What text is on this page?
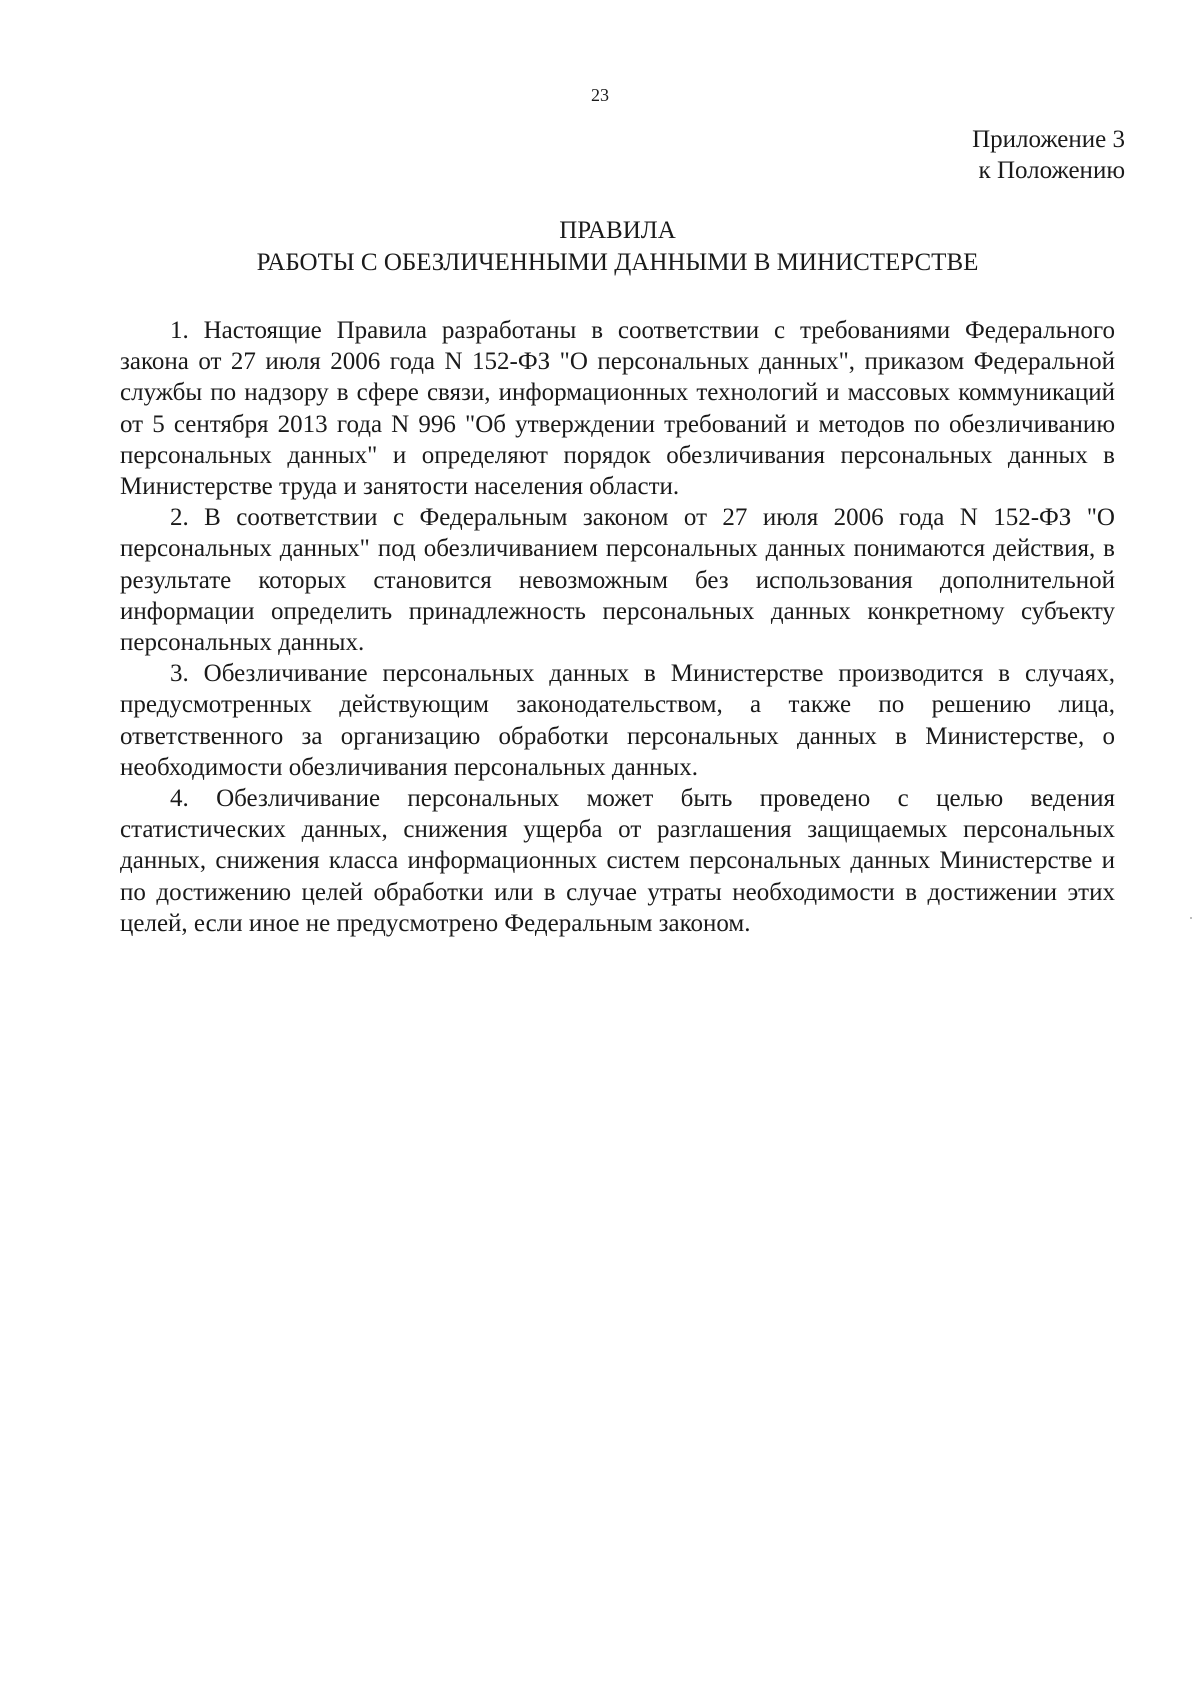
23
Приложение 3
к Положению
ПРАВИЛА
РАБОТЫ С ОБЕЗЛИЧЕННЫМИ ДАННЫМИ В МИНИСТЕРСТВЕ

1. Настоящие Правила разработаны в соответствии с требованиями Федерального закона от 27 июля 2006 года N 152-ФЗ "О персональных данных", приказом Федеральной службы по надзору в сфере связи, информационных технологий и массовых коммуникаций от 5 сентября 2013 года N 996 "Об утверждении требований и методов по обезличиванию персональных данных" и определяют порядок обезличивания персональных данных в Министерстве труда и занятости населения области.

2. В соответствии с Федеральным законом от 27 июля 2006 года N 152-ФЗ "О персональных данных" под обезличиванием персональных данных понимаются действия, в результате которых становится невозможным без использования дополнительной информации определить принадлежность персональных данных конкретному субъекту персональных данных.

3. Обезличивание персональных данных в Министерстве производится в случаях, предусмотренных действующим законодательством, а также по решению лица, ответственного за организацию обработки персональных данных в Министерстве, о необходимости обезличивания персональных данных.

4. Обезличивание персональных может быть проведено с целью ведения статистических данных, снижения ущерба от разглашения защищаемых персональных данных, снижения класса информационных систем персональных данных Министерстве и по достижению целей обработки или в случае утраты необходимости в достижении этих целей, если иное не предусмотрено Федеральным законом.
